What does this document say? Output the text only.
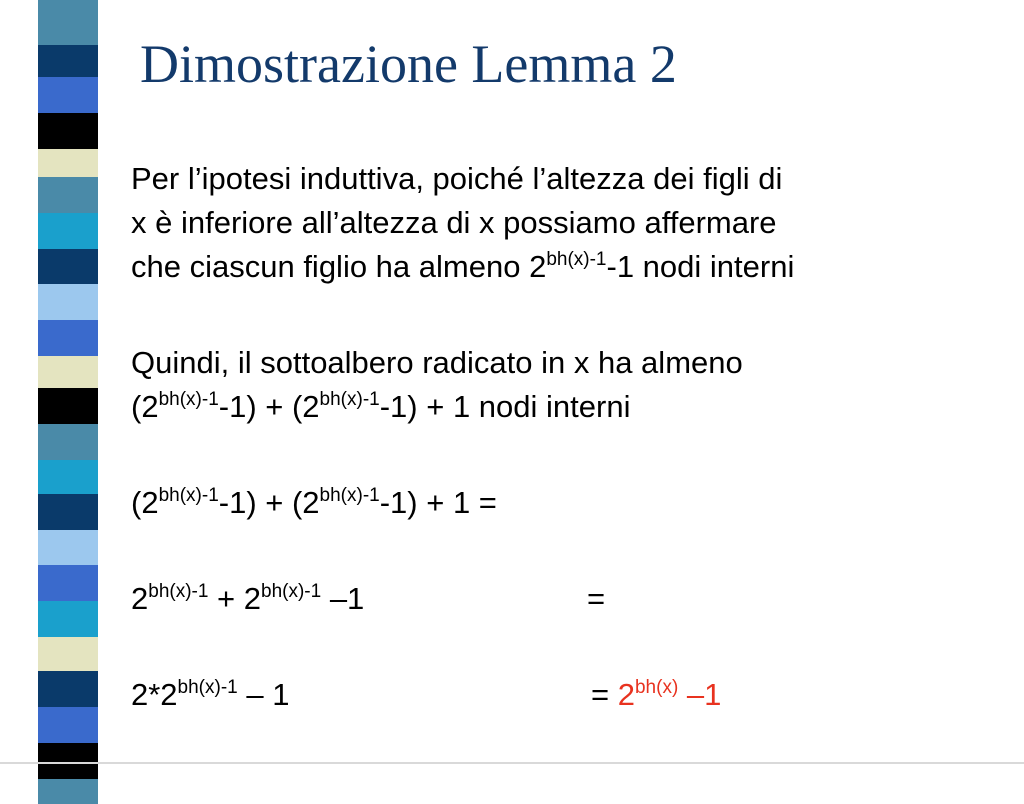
Dimostrazione Lemma 2
Per l’ipotesi induttiva, poiché l’altezza dei figli di
x è inferiore all’altezza di x possiamo affermare
che ciascun figlio ha almeno $2^{bh(x)-1}-1$ nodi interni
Quindi, il sottoalbero radicato in x ha almeno
$(2^{bh(x)-1}-1) + (2^{bh(x)-1}-1) + 1$ nodi interni
$(2^{bh(x)-1}-1) + (2^{bh(x)-1}-1) + 1$ =
$2^{bh(x)-1} + 2^{bh(x)-1}$ –1	=
$2*2^{bh(x)-1} - 1$	= $2^{bh(x)}$ –1
